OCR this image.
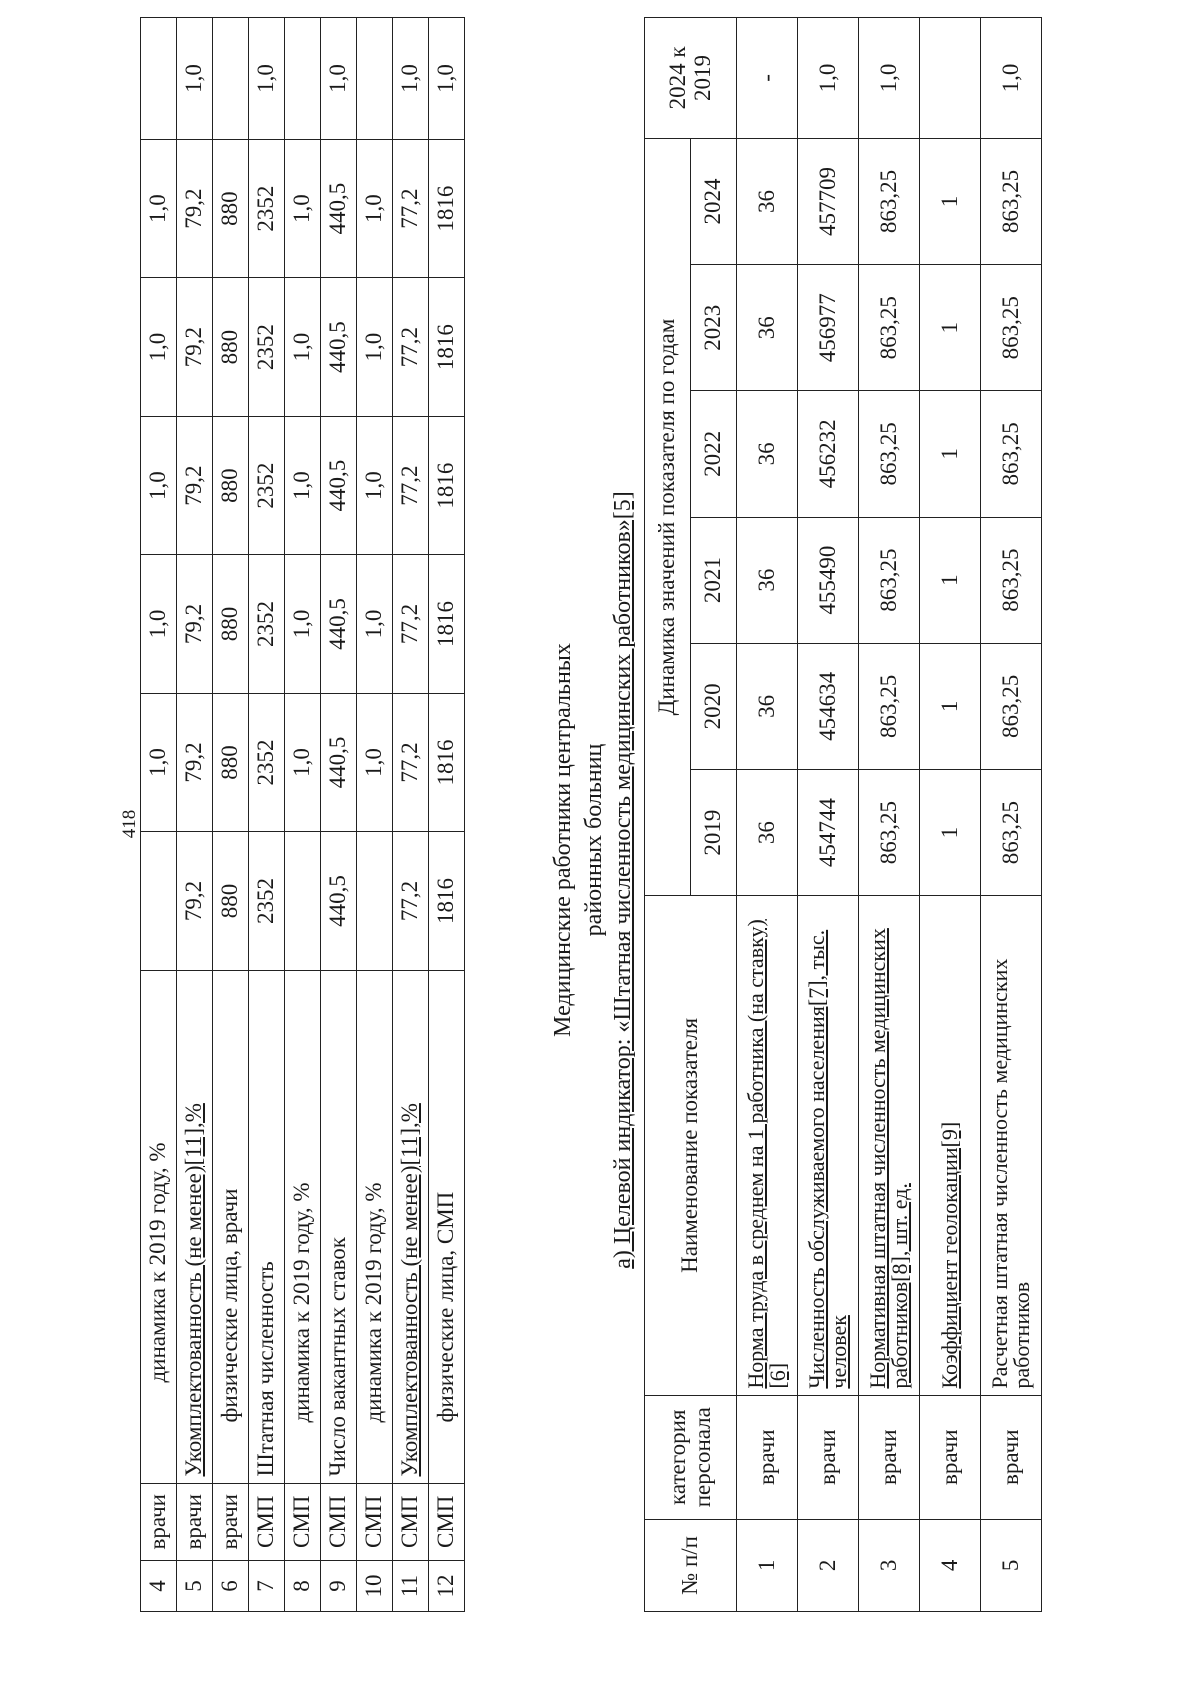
418
4	врачи	динамика к 2019 году, %		1,0	1,0	1,0	1,0	1,0	
5	врачи	Укомплектованность (не менее)[11],%	79,2	79,2	79,2	79,2	79,2	79,2	1,0
6	врачи	физические лица, врачи	880	880	880	880	880	880	
7	СМП	Штатная численность	2352	2352	2352	2352	2352	2352	1,0
8	СМП	динамика к 2019 году, %		1,0	1,0	1,0	1,0	1,0	
9	СМП	Число вакантных ставок	440,5	440,5	440,5	440,5	440,5	440,5	1,0
10	СМП	динамика к 2019 году, %		1,0	1,0	1,0	1,0	1,0	
11	СМП	Укомплектованность (не менее)[11],%	77,2	77,2	77,2	77,2	77,2	77,2	1,0
12	СМП	физические лица, СМП	1816	1816	1816	1816	1816	1816	1,0
Медицинские работники центральных районных больниц а) Целевой индикатор: «Штатная численность медицинских работников»[5]
№ п/п	категория персонала	Наименование показателя	Динамика значений показателя по годам						2024 к 2019
			2019	2020	2021	2022	2023	2024	
1	врачи	Норма труда в среднем на 1 работника (на ставку)[6]	36	36	36	36	36	36	-
2	врачи	Численность обслуживаемого населения[7], тыс. человек	454744	454634	455490	456232	456977	457709	1,0
3	врачи	Нормативная штатная численность медицинских работников[8], шт. ед.	863,25	863,25	863,25	863,25	863,25	863,25	1,0
4	врачи	Коэффициент геолокации[9]	1	1	1	1	1	1	
5	врачи	Расчетная штатная численность медицинских работников	863,25	863,25	863,25	863,25	863,25	863,25	1,0
